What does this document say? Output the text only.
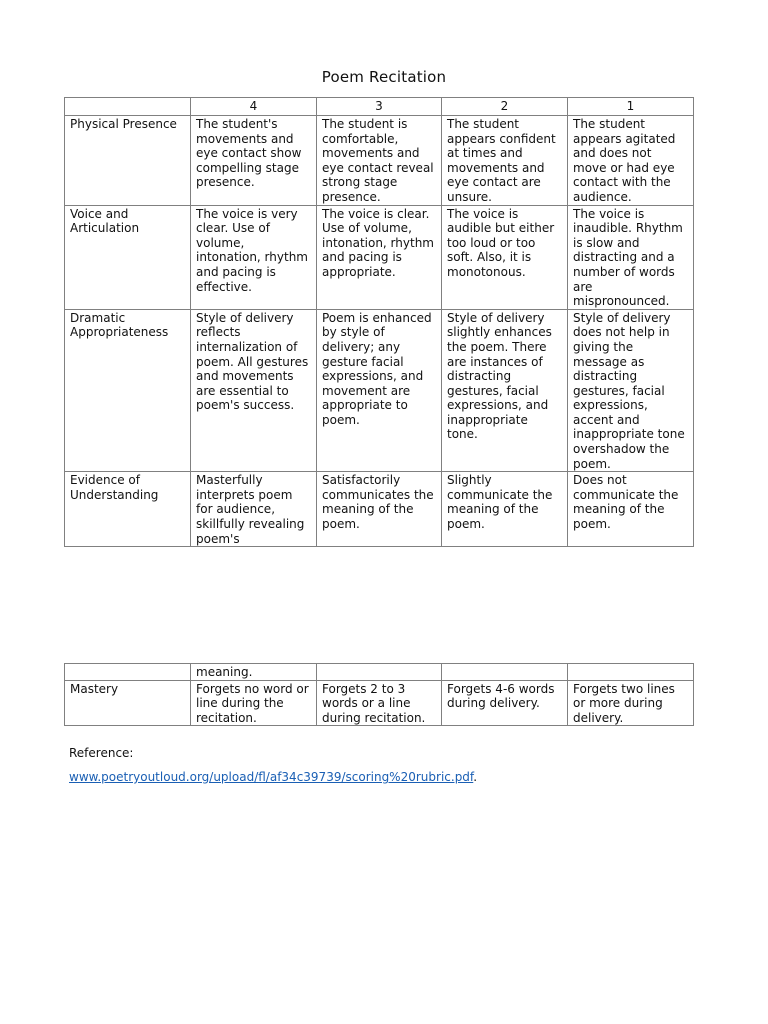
Poem Recitation
	4	3	2	1
Physical Presence	The student's movements and eye contact show compelling stage presence.	The student is comfortable, movements and eye contact reveal strong stage presence.	The student appears confident at times and movements and eye contact are unsure.	The student appears agitated and does not move or had eye contact with the audience.
Voice and Articulation	The voice is very clear. Use of volume, intonation, rhythm and pacing is effective.	The voice is clear. Use of volume, intonation, rhythm and pacing is appropriate.	The voice is audible but either too loud or too soft. Also, it is monotonous.	The voice is inaudible. Rhythm is slow and distracting and a number of words are mispronounced.
Dramatic Appropriateness	Style of delivery reflects internalization of poem. All gestures and movements are essential to poem's success.	Poem is enhanced by style of delivery; any gesture facial expressions, and movement are appropriate to poem.	Style of delivery slightly enhances the poem. There are instances of distracting gestures, facial expressions, and inappropriate tone.	Style of delivery does not help in giving the message as distracting gestures, facial expressions, accent and inappropriate tone overshadow the poem.
Evidence of Understanding	Masterfully interprets poem for audience, skillfully revealing poem's	Satisfactorily communicates the meaning of the poem.	Slightly communicate the meaning of the poem.	Does not communicate the meaning of the poem.
	meaning.			
Mastery	Forgets no word or line during the recitation.	Forgets 2 to 3 words or a line during recitation.	Forgets 4-6 words during delivery.	Forgets two lines or more during delivery.
Reference:
www.poetryoutloud.org/upload/fl/af34c39739/scoring%20rubric.pdf.
